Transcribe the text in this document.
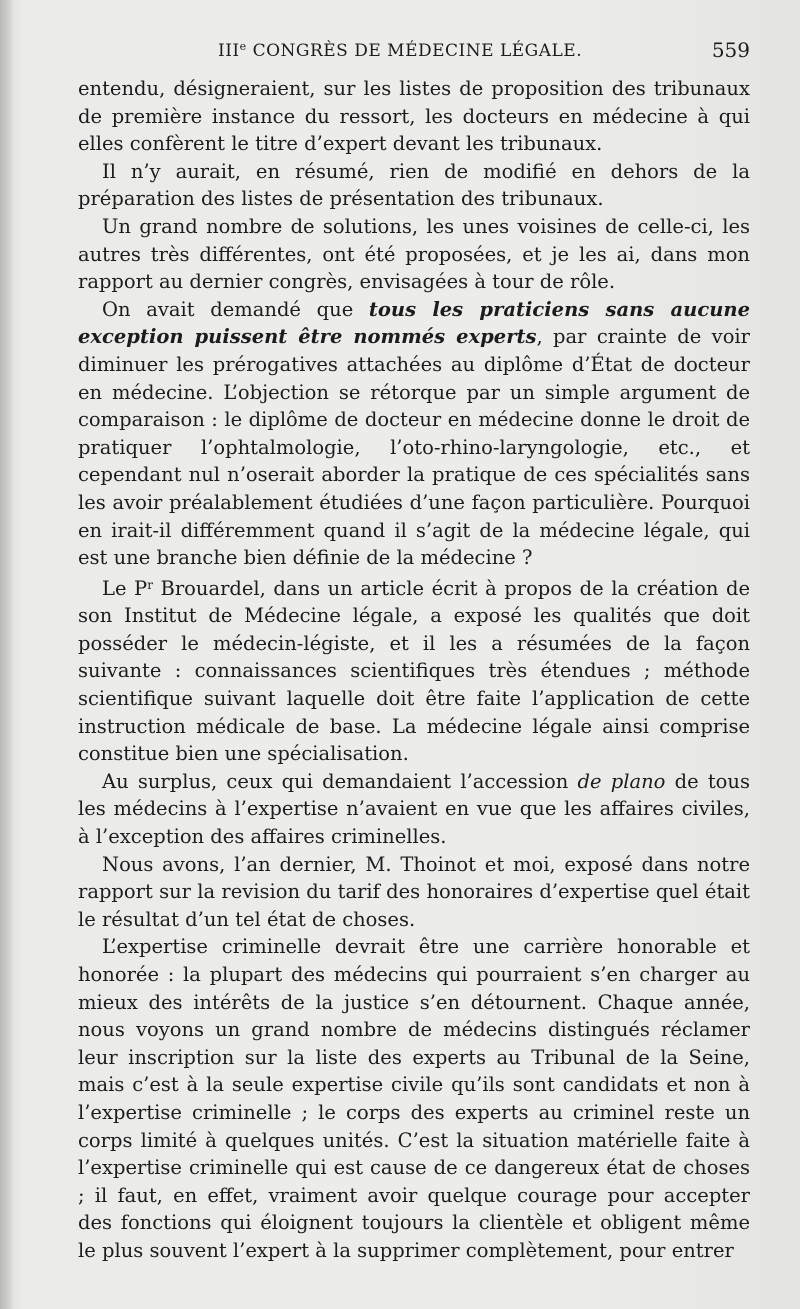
IIIe CONGRÈS DE MÉDECINE LÉGALE.	559

entendu, désigneraient, sur les listes de proposition des tribunaux de première instance du ressort, les docteurs en médecine à qui elles confèrent le titre d’expert devant les tribunaux.

Il n’y aurait, en résumé, rien de modifié en dehors de la préparation des listes de présentation des tribunaux.

Un grand nombre de solutions, les unes voisines de celle-ci, les autres très différentes, ont été proposées, et je les ai, dans mon rapport au dernier congrès, envisagées à tour de rôle.

On avait demandé que tous les praticiens sans aucune exception puissent être nommés experts, par crainte de voir diminuer les prérogatives attachées au diplôme d’État de docteur en médecine. L’objection se rétorque par un simple argument de comparaison : le diplôme de docteur en médecine donne le droit de pratiquer l’ophtalmologie, l’oto-rhino-laryngologie, etc., et cependant nul n’oserait aborder la pratique de ces spécialités sans les avoir préalablement étudiées d’une façon particulière. Pourquoi en irait-il différemment quand il s’agit de la médecine légale, qui est une branche bien définie de la médecine ?

Le $P^r$ Brouardel, dans un article écrit à propos de la création de son Institut de Médecine légale, a exposé les qualités que doit posséder le médecin-légiste, et il les a résumées de la façon suivante : connaissances scientifiques très étendues ; méthode scientifique suivant laquelle doit être faite l’application de cette instruction médicale de base. La médecine légale ainsi comprise constitue bien une spécialisation.

Au surplus, ceux qui demandaient l’accession de plano de tous les médecins à l’expertise n’avaient en vue que les affaires civiles, à l’exception des affaires criminelles.

Nous avons, l’an dernier, M. Thoinot et moi, exposé dans notre rapport sur la revision du tarif des honoraires d’expertise quel était le résultat d’un tel état de choses.

L’expertise criminelle devrait être une carrière honorable et honorée : la plupart des médecins qui pourraient s’en charger au mieux des intérêts de la justice s’en détournent. Chaque année, nous voyons un grand nombre de médecins distingués réclamer leur inscription sur la liste des experts au Tribunal de la Seine, mais c’est à la seule expertise civile qu’ils sont candidats et non à l’expertise criminelle ; le corps des experts au criminel reste un corps limité à quelques unités. C’est la situation matérielle faite à l’expertise criminelle qui est cause de ce dangereux état de choses ; il faut, en effet, vraiment avoir quelque courage pour accepter des fonctions qui éloignent toujours la clientèle et obligent même le plus souvent l’expert à la supprimer complètement, pour entrer
